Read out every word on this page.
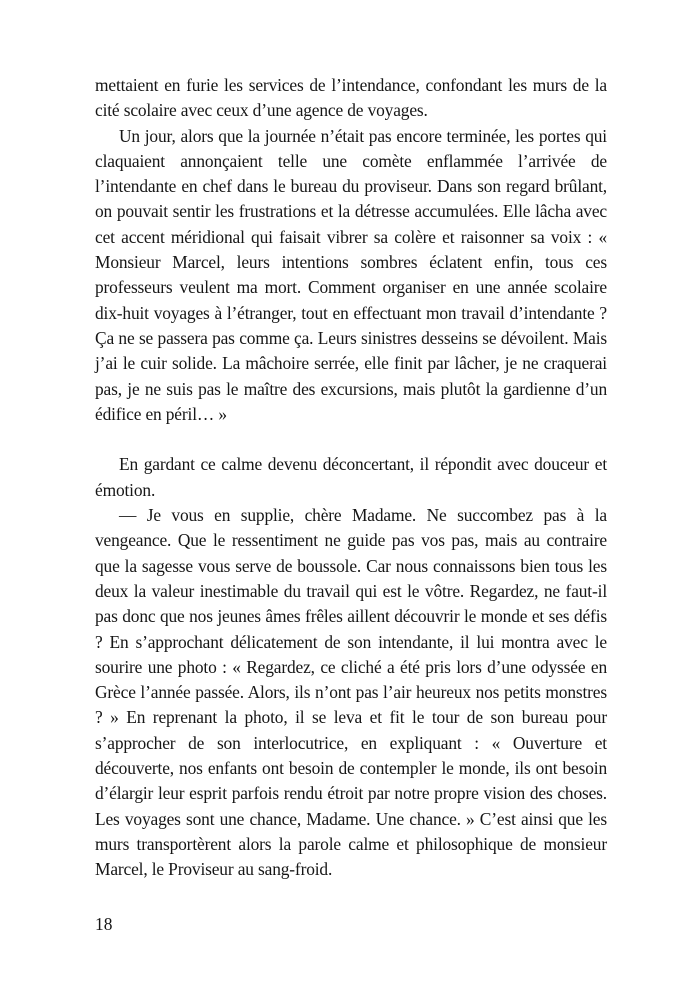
mettaient en furie les services de l’intendance, confondant les murs de la cité scolaire avec ceux d’une agence de voyages.

Un jour, alors que la journée n’était pas encore terminée, les portes qui claquaient annonçaient telle une comète enflammée l’arrivée de l’intendante en chef dans le bureau du proviseur. Dans son regard brûlant, on pouvait sentir les frustrations et la détresse accumulées. Elle lâcha avec cet accent méridional qui faisait vibrer sa colère et raisonner sa voix : « Monsieur Marcel, leurs intentions sombres éclatent enfin, tous ces professeurs veulent ma mort. Comment organiser en une année scolaire dix-huit voyages à l’étranger, tout en effectuant mon travail d’intendante ? Ça ne se passera pas comme ça. Leurs sinistres desseins se dévoilent. Mais j’ai le cuir solide. La mâchoire serrée, elle finit par lâcher, je ne craquerai pas, je ne suis pas le maître des excursions, mais plutôt la gardienne d’un édifice en péril… »

En gardant ce calme devenu déconcertant, il répondit avec douceur et émotion.

— Je vous en supplie, chère Madame. Ne succombez pas à la vengeance. Que le ressentiment ne guide pas vos pas, mais au contraire que la sagesse vous serve de boussole. Car nous connaissons bien tous les deux la valeur inestimable du travail qui est le vôtre. Regardez, ne faut-il pas donc que nos jeunes âmes frêles aillent découvrir le monde et ses défis ? En s’approchant délicatement de son intendante, il lui montra avec le sourire une photo : « Regardez, ce cliché a été pris lors d’une odyssée en Grèce l’année passée. Alors, ils n’ont pas l’air heureux nos petits monstres ? » En reprenant la photo, il se leva et fit le tour de son bureau pour s’approcher de son interlocutrice, en expliquant : « Ouverture et découverte, nos enfants ont besoin de contempler le monde, ils ont besoin d’élargir leur esprit parfois rendu étroit par notre propre vision des choses. Les voyages sont une chance, Madame. Une chance. » C’est ainsi que les murs transportèrent alors la parole calme et philosophique de monsieur Marcel, le Proviseur au sang-froid.

18
